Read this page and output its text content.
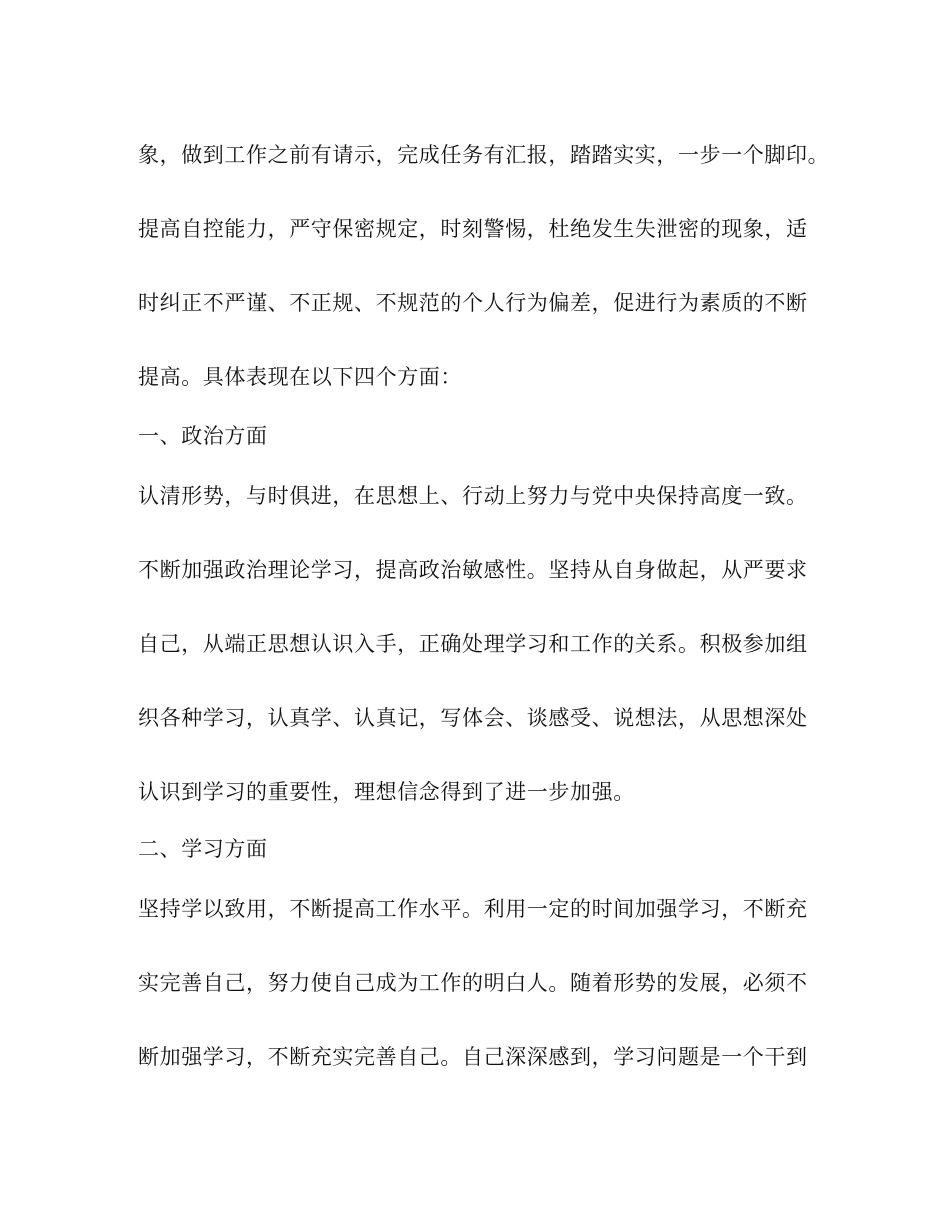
象，做到工作之前有请示，完成任务有汇报，踏踏实实，一步一个脚印。
提高自控能力，严守保密规定，时刻警惕，杜绝发生失泄密的现象，适
时纠正不严谨、不正规、不规范的个人行为偏差，促进行为素质的不断
提高。具体表现在以下四个方面：
一、政治方面
认清形势，与时俱进，在思想上、行动上努力与党中央保持高度一致。
不断加强政治理论学习，提高政治敏感性。坚持从自身做起，从严要求
自己，从端正思想认识入手，正确处理学习和工作的关系。积极参加组
织各种学习，认真学、认真记，写体会、谈感受、说想法，从思想深处
认识到学习的重要性，理想信念得到了进一步加强。
二、学习方面
坚持学以致用，不断提高工作水平。利用一定的时间加强学习，不断充
实完善自己，努力使自己成为工作的明白人。随着形势的发展，必须不
断加强学习，不断充实完善自己。自己深深感到，学习问题是一个干到
